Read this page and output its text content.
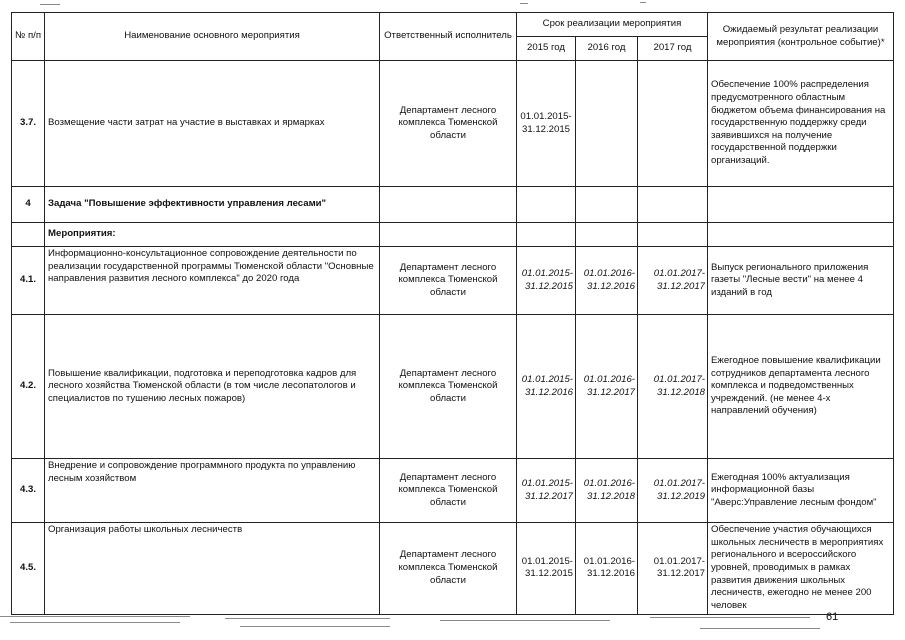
№ п/п	Наименование основного мероприятия	Ответственный исполнитель	Срок реализации мероприятия			Ожидаемый результат реализации мероприятия (контрольное событие)*
			2015 год	2016 год	2017 год	
3.7.	Возмещение части затрат на участие в выставках и ярмарках	Департамент лесного комплекса Тюменской области	01.01.2015-31.12.2015			Обеспечение 100% распределения предусмотренного областным бюджетом объема финансирования на государственную поддержку среди заявившихся на получение государственной поддержки организаций.
4	Задача "Повышение эффективности управления лесами"					
	Мероприятия:					
4.1.	Информационно-консультационное сопровождение деятельности по реализации государственной программы Тюменской области "Основные направления развития лесного комплекса" до 2020 года	Департамент лесного комплекса Тюменской области	01.01.2015-31.12.2015	01.01.2016-31.12.2016	01.01.2017-31.12.2017	Выпуск регионального приложения газеты "Лесные вести" на менее 4 изданий в год
4.2.	Повышение квалификации, подготовка и переподготовка кадров для лесного хозяйства Тюменской области (в том числе лесопатологов и специалистов по тушению лесных пожаров)	Департамент лесного комплекса Тюменской области	01.01.2015-31.12.2016	01.01.2016-31.12.2017	01.01.2017-31.12.2018	Ежегодное повышение квалификации сотрудников департамента лесного комплекса и подведомственных учреждений. (не менее 4-х направлений обучения)
4.3.	Внедрение и сопровождение программного продукта по управлению лесным хозяйством	Департамент лесного комплекса Тюменской области	01.01.2015-31.12.2017	01.01.2016-31.12.2018	01.01.2017-31.12.2019	Ежегодная 100% актуализация информационной базы "Аверс:Управление лесным фондом"
4.5.	Организация работы школьных лесничеств	Департамент лесного комплекса Тюменской области	01.01.2015-31.12.2015	01.01.2016-31.12.2016	01.01.2017-31.12.2017	Обеспечение участия обучающихся школьных лесничеств в мероприятиях регионального и всероссийского уровней, проводимых в рамках развития движения школьных лесничеств, ежегодно не менее 200 человек
61
